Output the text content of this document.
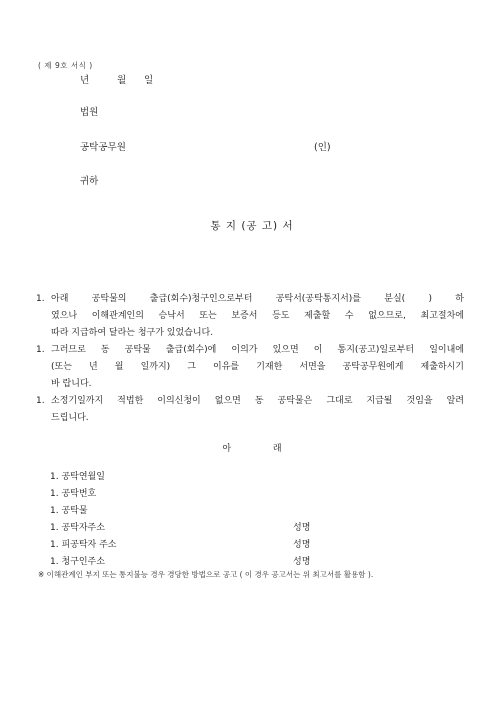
( 제 9호 서식 )
년	월 일
법원
공탁공무원	(인)
귀하
통 지 (공 고) 서
1. 아래 공탁물의 출급(회수)청구인으로부터 공탁서(공탁통지서)를 분실( ) 하
였으나 이해관계인의 승낙서 또는 보증서 등도 제출할 수 없으므로, 최고절차에
따라 지급하여 달라는 청구가 있었습니다.
1. 그러므로 동 공탁물 출급(회수)에 이의가 있으면 이 통지(공고)일로부터 일이내에
(또는 년 월 일까지) 그 이유를 기재한 서면을 공탁공무원에게 제출하시기
바 랍니다.
1. 소정기일까지 적법한 이의신청이 없으면 동 공탁물은 그대로 지급될 것임을 알려
드립니다.
아	래
1. 공탁연월일
1. 공탁번호
1. 공탁물
1. 공탁자주소	성명
1. 피공탁자 주소	성명
1. 청구인주소	성명
※ 이해관계인 부지 또는 통지불능 경우 경당한 방법으로 공고 ( 이 경우 공고서는 위 최고서를 활용함 ).
